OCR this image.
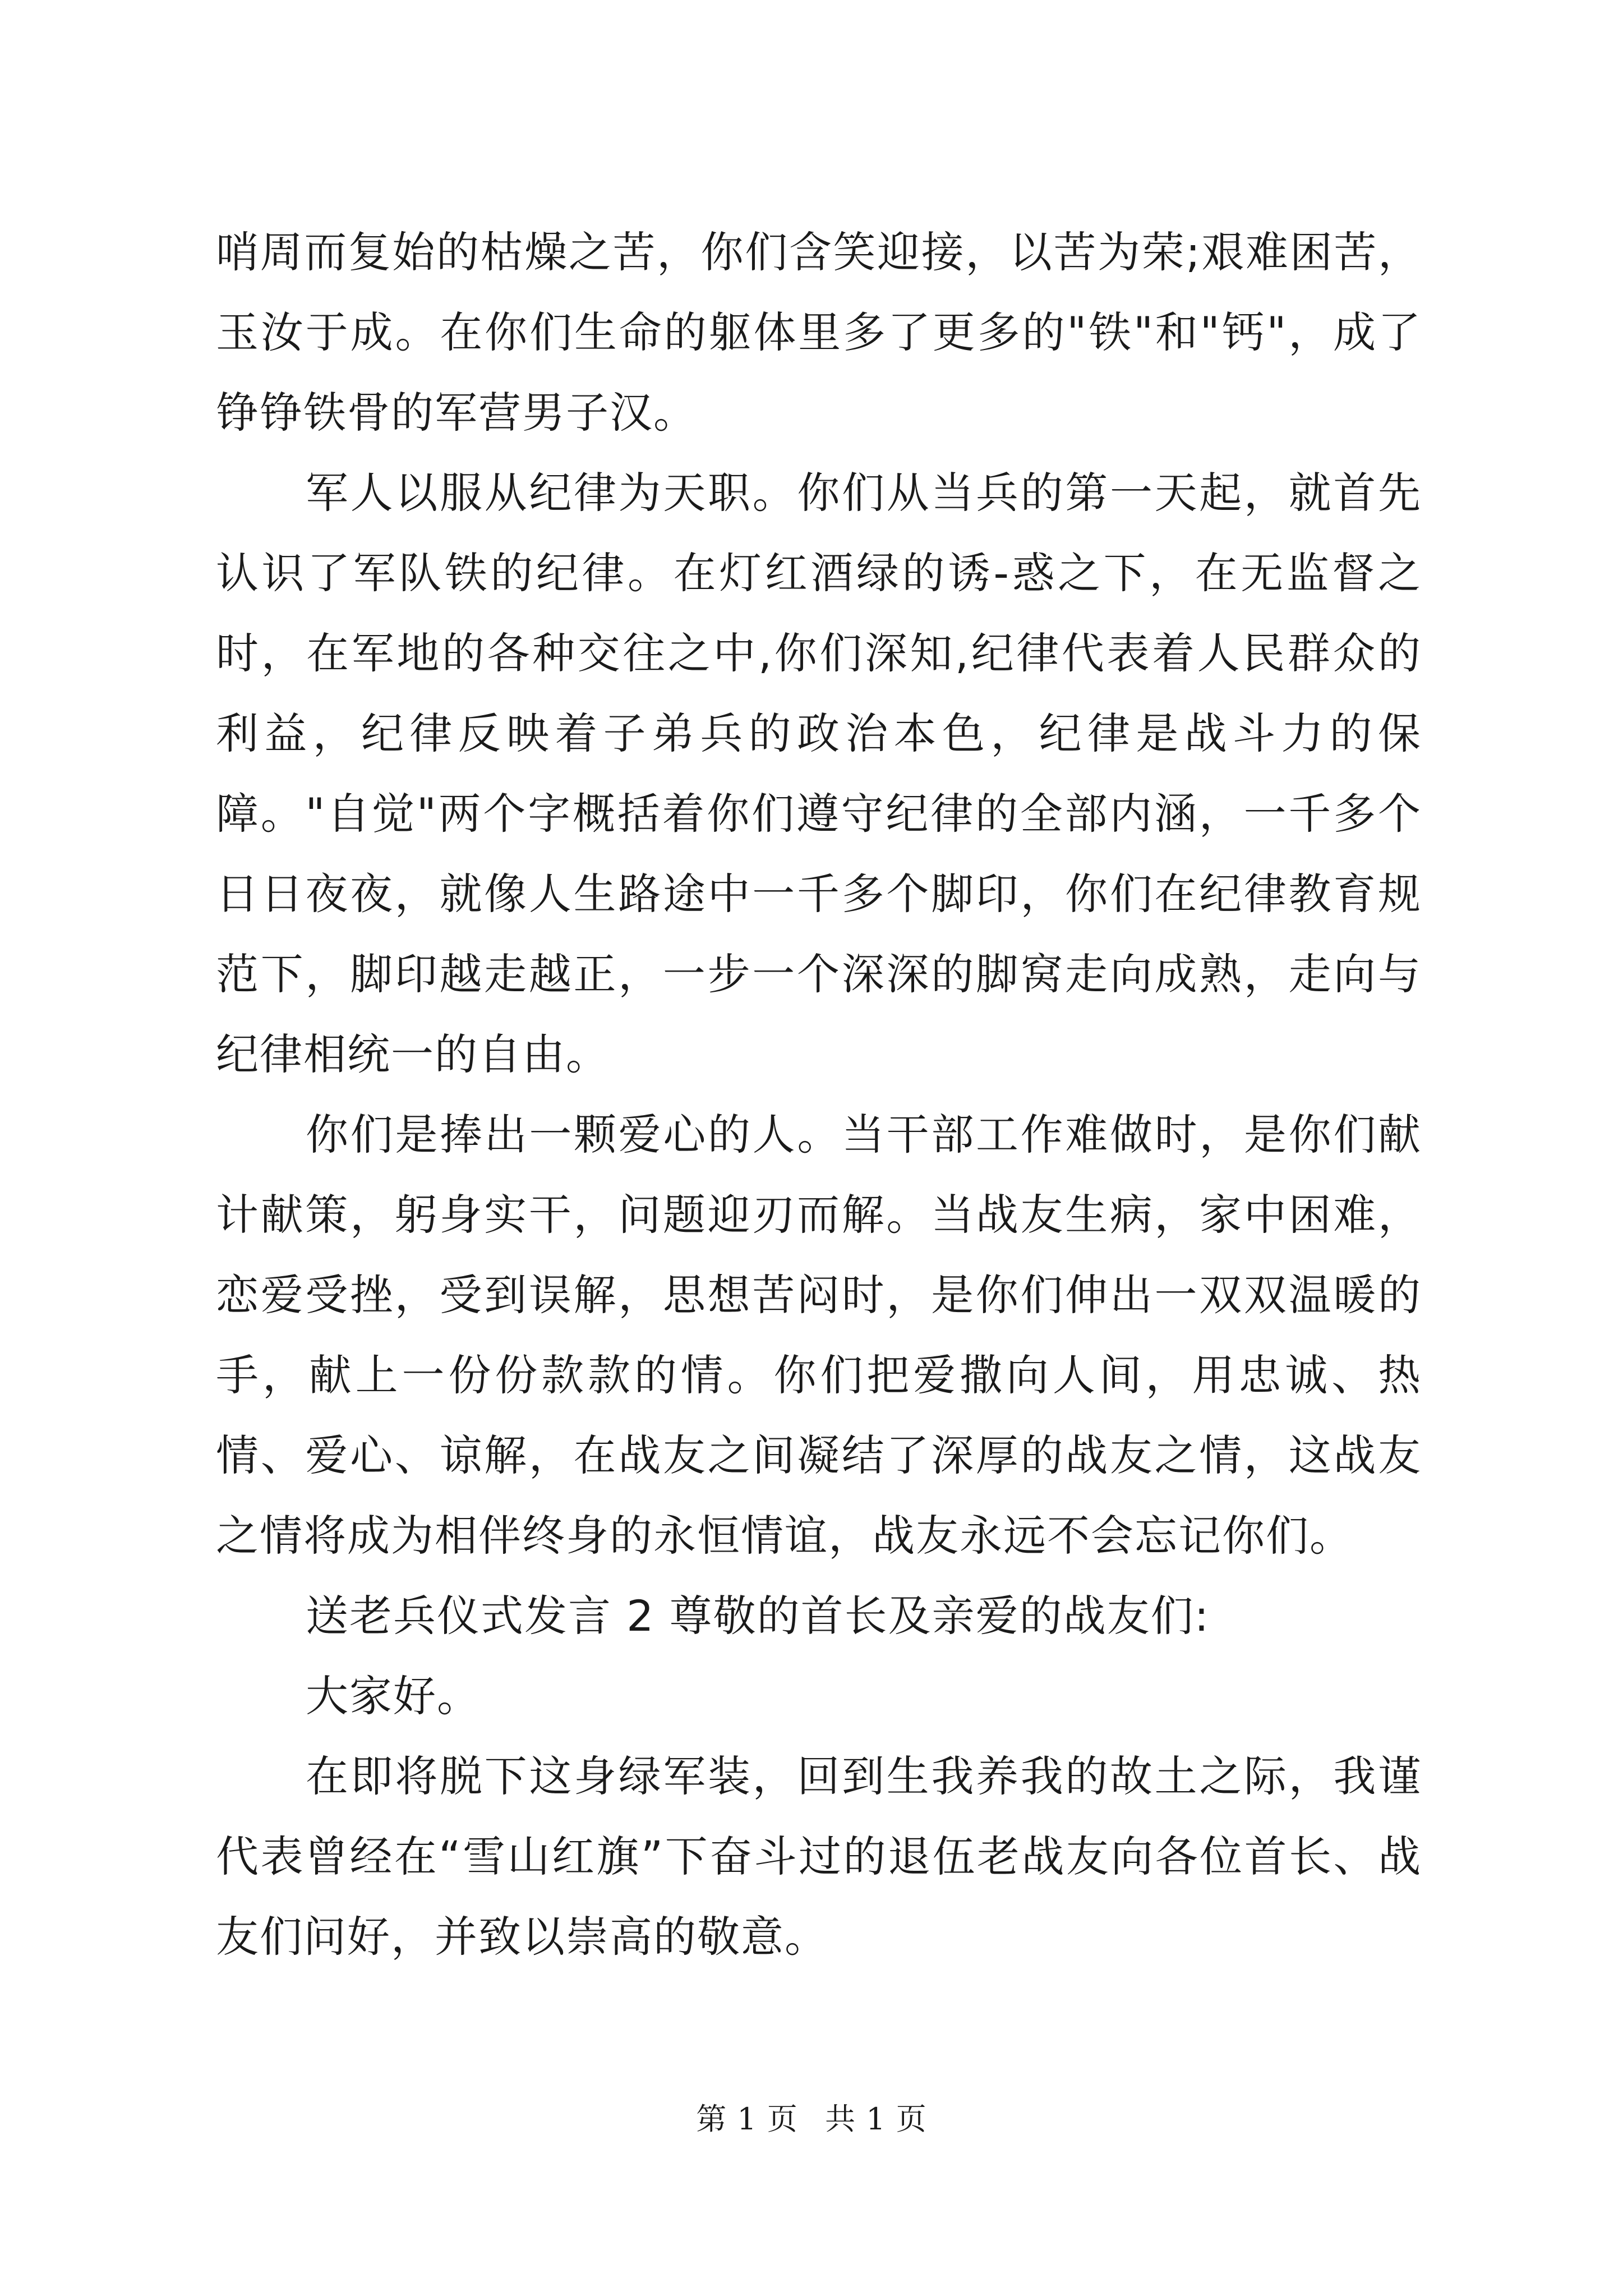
哨周而复始的枯燥之苦，你们含笑迎接，以苦为荣;艰难困苦，玉汝于成。在你们生命的躯体里多了更多的"铁"和"钙"，成了铮铮铁骨的军营男子汉。

军人以服从纪律为天职。你们从当兵的第一天起，就首先认识了军队铁的纪律。在灯红酒绿的诱-惑之下，在无监督之时，在军地的各种交往之中,你们深知,纪律代表着人民群众的利益，纪律反映着子弟兵的政治本色，纪律是战斗力的保障。"自觉"两个字概括着你们遵守纪律的全部内涵，一千多个日日夜夜，就像人生路途中一千多个脚印，你们在纪律教育规范下，脚印越走越正，一步一个深深的脚窝走向成熟，走向与纪律相统一的自由。

你们是捧出一颗爱心的人。当干部工作难做时，是你们献计献策，躬身实干，问题迎刃而解。当战友生病，家中困难，恋爱受挫，受到误解，思想苦闷时，是你们伸出一双双温暖的手，献上一份份款款的情。你们把爱撒向人间，用忠诚、热情、爱心、谅解，在战友之间凝结了深厚的战友之情，这战友之情将成为相伴终身的永恒情谊，战友永远不会忘记你们。

送老兵仪式发言 2 尊敬的首长及亲爱的战友们:

大家好。

在即将脱下这身绿军装，回到生我养我的故土之际，我谨代表曾经在“雪山红旗”下奋斗过的退伍老战友向各位首长、战友们问好，并致以崇高的敬意。

第 1 页 共 1 页
